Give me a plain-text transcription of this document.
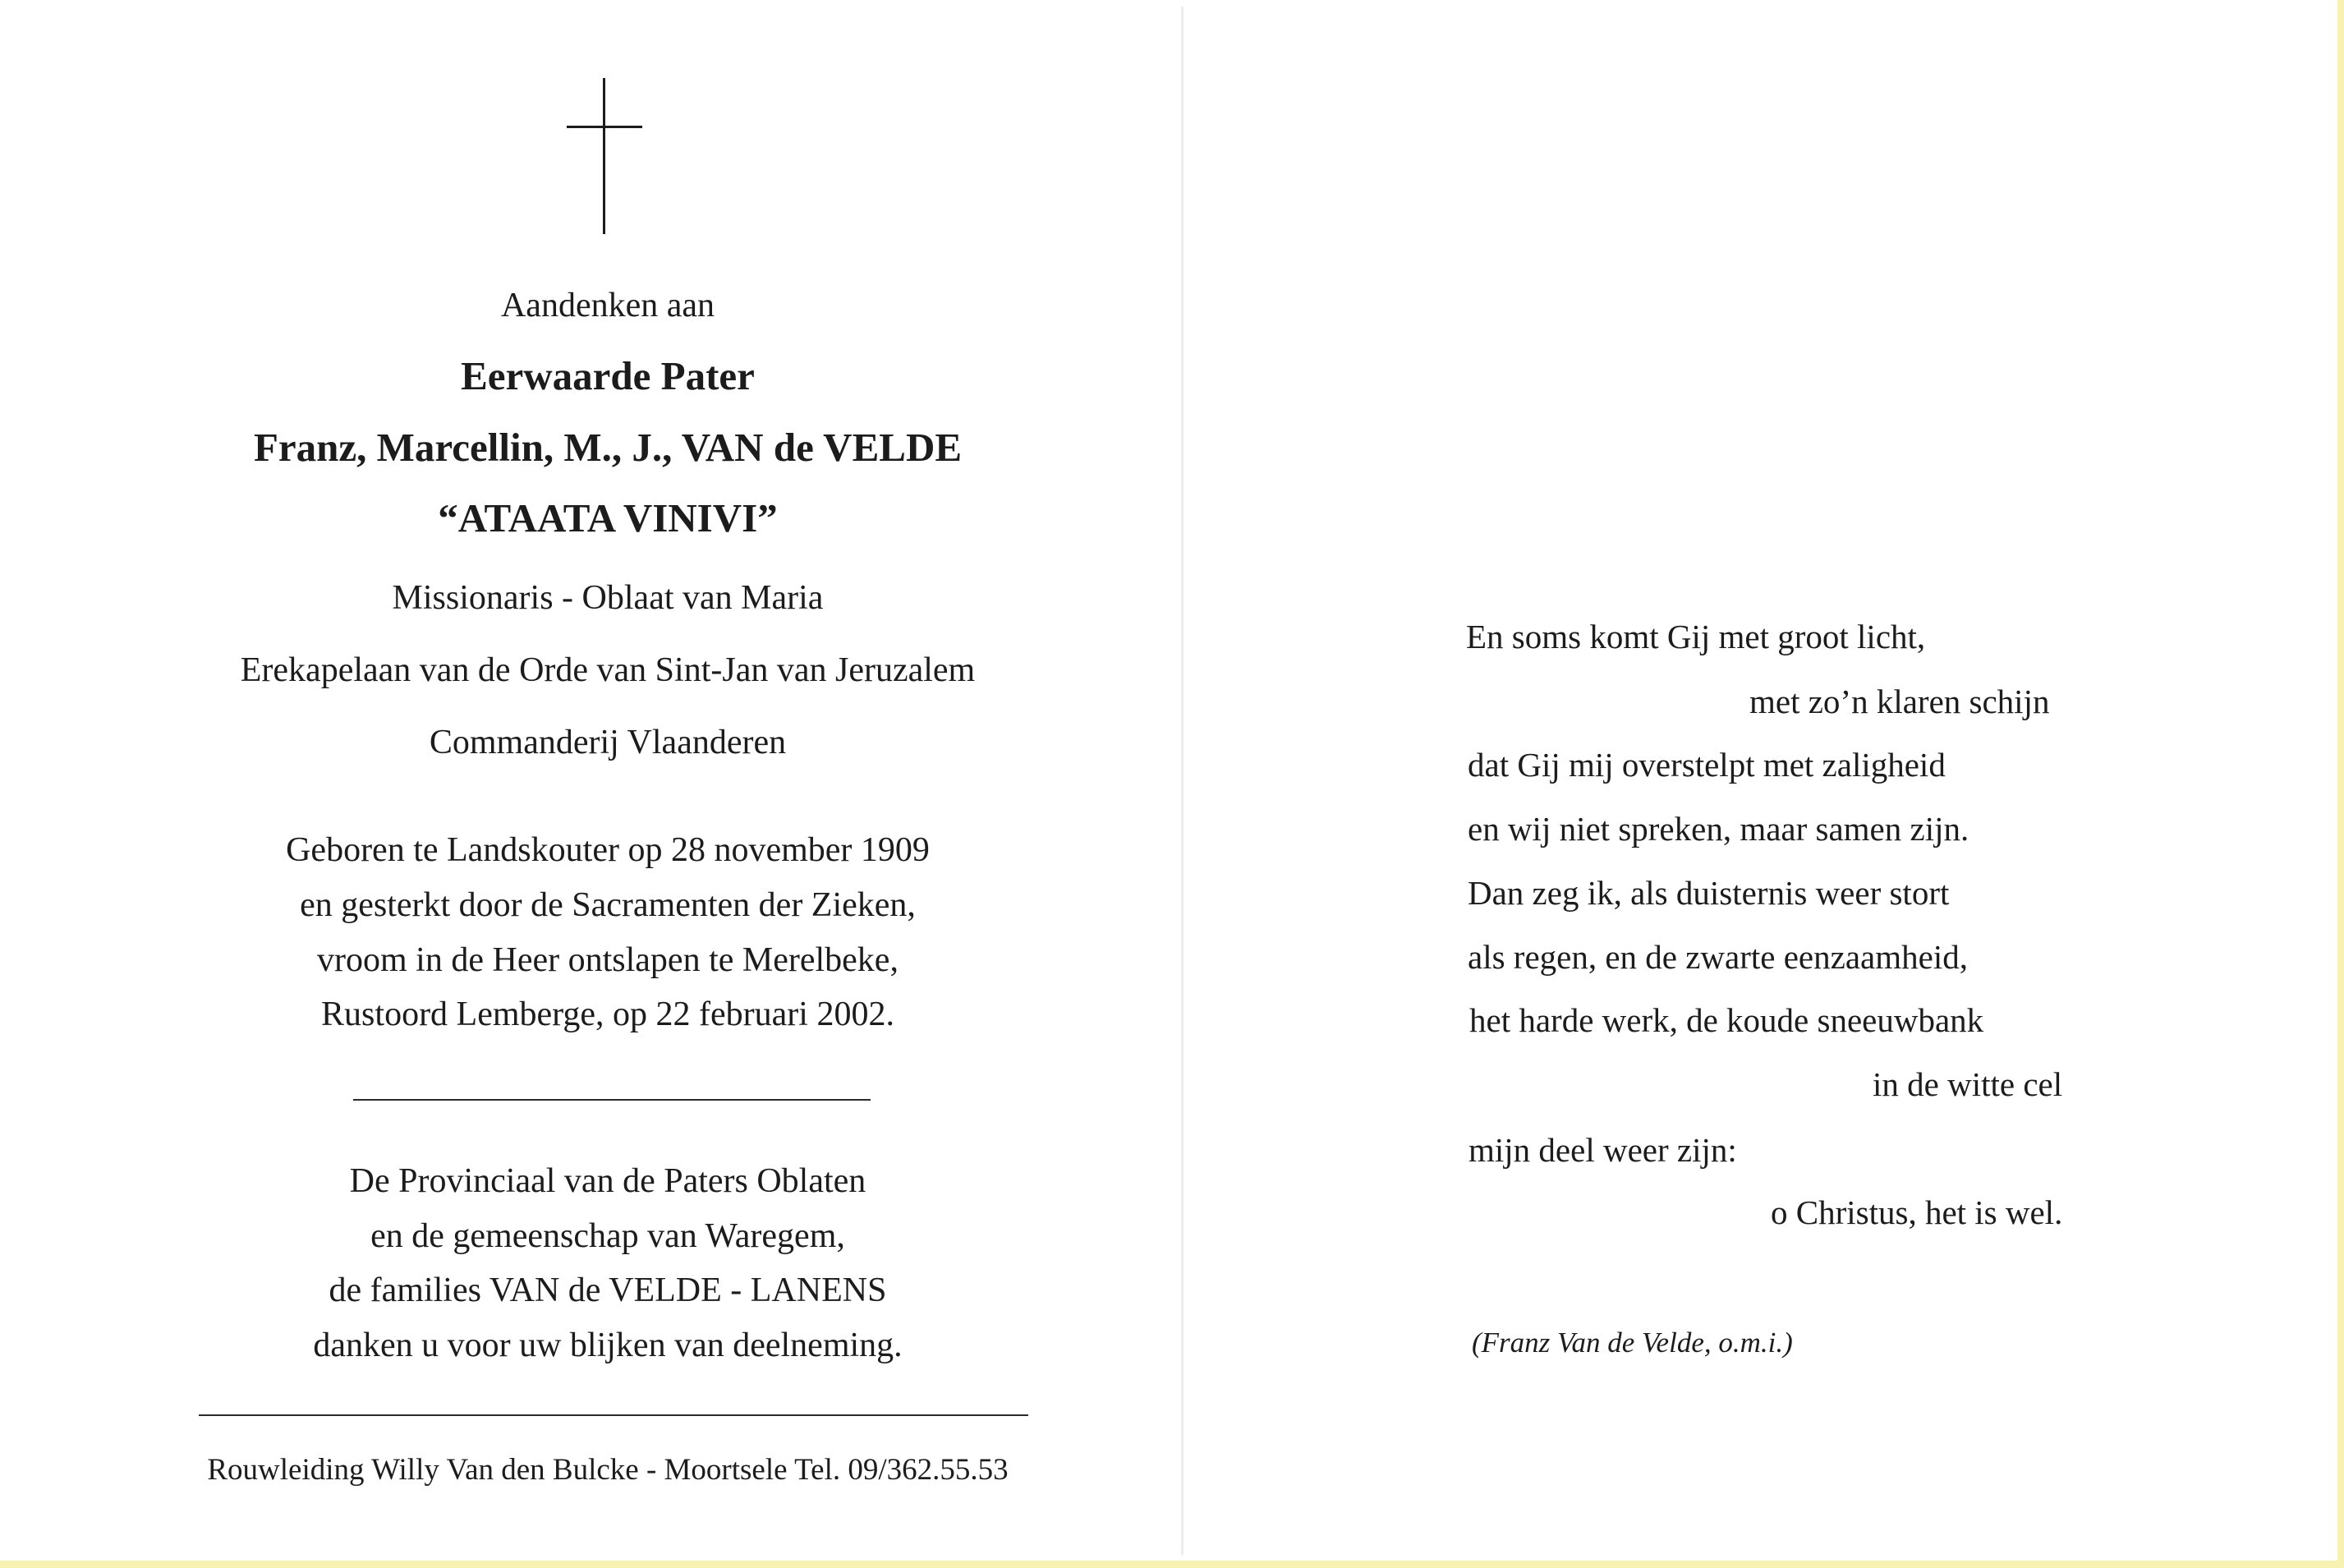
Aandenken aan
Eerwaarde Pater
Franz, Marcellin, M., J., VAN de VELDE
“ATAATA VINIVI”
Missionaris - Oblaat van Maria
Erekapelaan van de Orde van Sint-Jan van Jeruzalem
Commanderij Vlaanderen
Geboren te Landskouter op 28 november 1909
en gesterkt door de Sacramenten der Zieken,
vroom in de Heer ontslapen te Merelbeke,
Rustoord Lemberge, op 22 februari 2002.
De Provinciaal van de Paters Oblaten
en de gemeenschap van Waregem,
de families VAN de VELDE - LANENS
danken u voor uw blijken van deelneming.
Rouwleiding Willy Van den Bulcke - Moortsele Tel. 09/362.55.53
En soms komt Gij met groot licht,
met zo’n klaren schijn
dat Gij mij overstelpt met zaligheid
en wij niet spreken, maar samen zijn.
Dan zeg ik, als duisternis weer stort
als regen, en de zwarte eenzaamheid,
het harde werk, de koude sneeuwbank
in de witte cel
mijn deel weer zijn:
o Christus, het is wel.
(Franz Van de Velde, o.m.i.)
